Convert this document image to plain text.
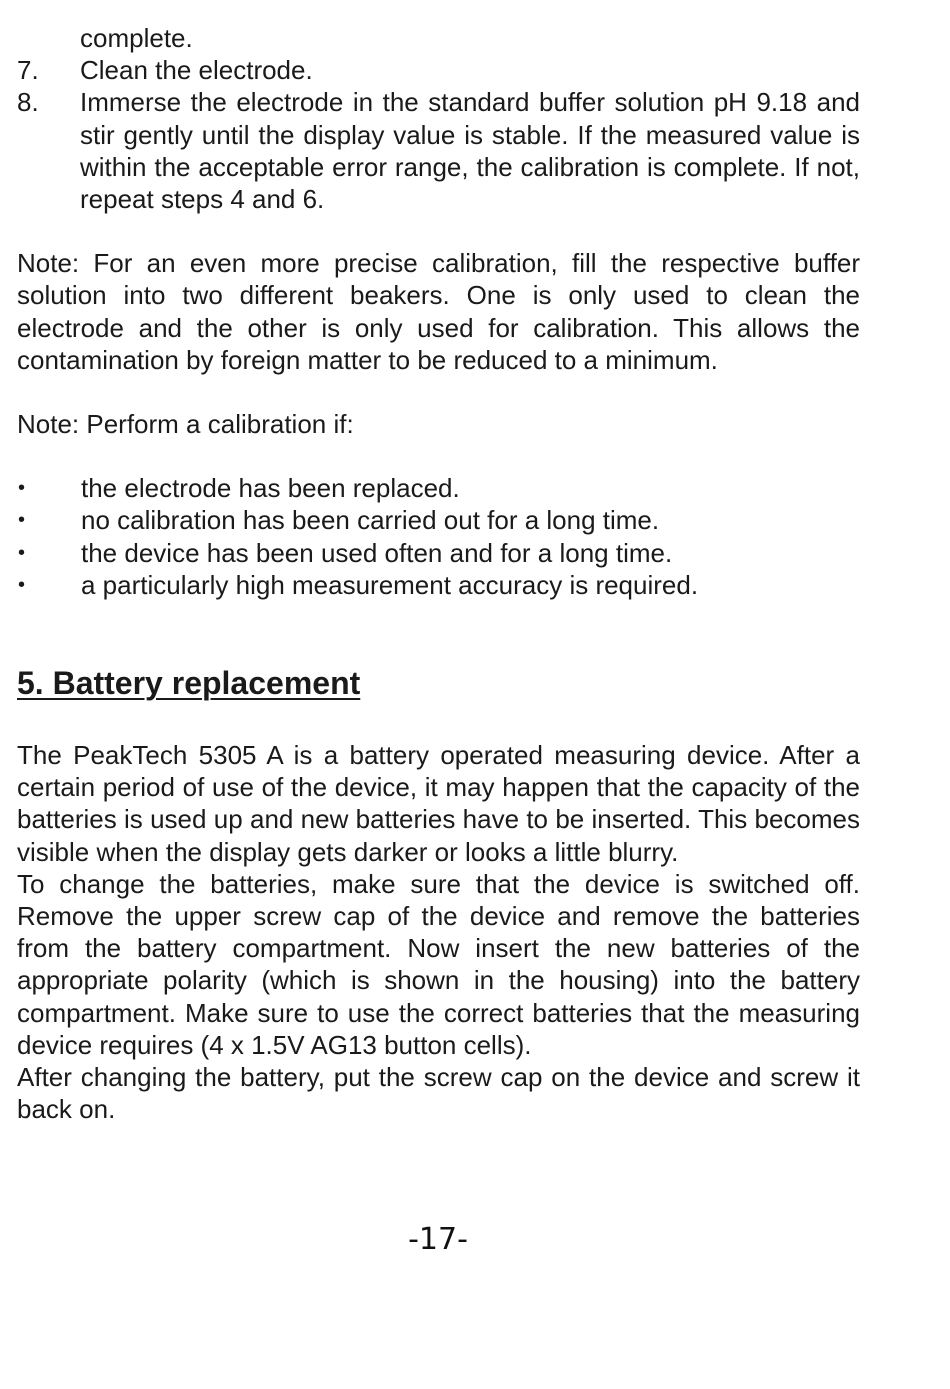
complete.
7.	Clean the electrode.
8.	Immerse the electrode in the standard buffer solution pH 9.18 and stir gently until the display value is stable. If the measured value is within the acceptable error range, the calibration is complete. If not, repeat steps 4 and 6.

Note: For an even more precise calibration, fill the respective buffer solution into two different beakers. One is only used to clean the electrode and the other is only used for calibration. This allows the contamination by foreign matter to be reduced to a minimum.

Note: Perform a calibration if:

•	the electrode has been replaced.
•	no calibration has been carried out for a long time.
•	the device has been used often and for a long time.
•	a particularly high measurement accuracy is required.
5. Battery replacement

The PeakTech 5305 A is a battery operated measuring device. After a certain period of use of the device, it may happen that the capacity of the batteries is used up and new batteries have to be inserted. This becomes visible when the display gets darker or looks a little blurry.

To change the batteries, make sure that the device is switched off. Remove the upper screw cap of the device and remove the batteries from the battery compartment. Now insert the new batteries of the appropriate polarity (which is shown in the housing) into the battery compartment. Make sure to use the correct batteries that the measuring device requires (4 x 1.5V AG13 button cells).

After changing the battery, put the screw cap on the device and screw it back on.

-17-
